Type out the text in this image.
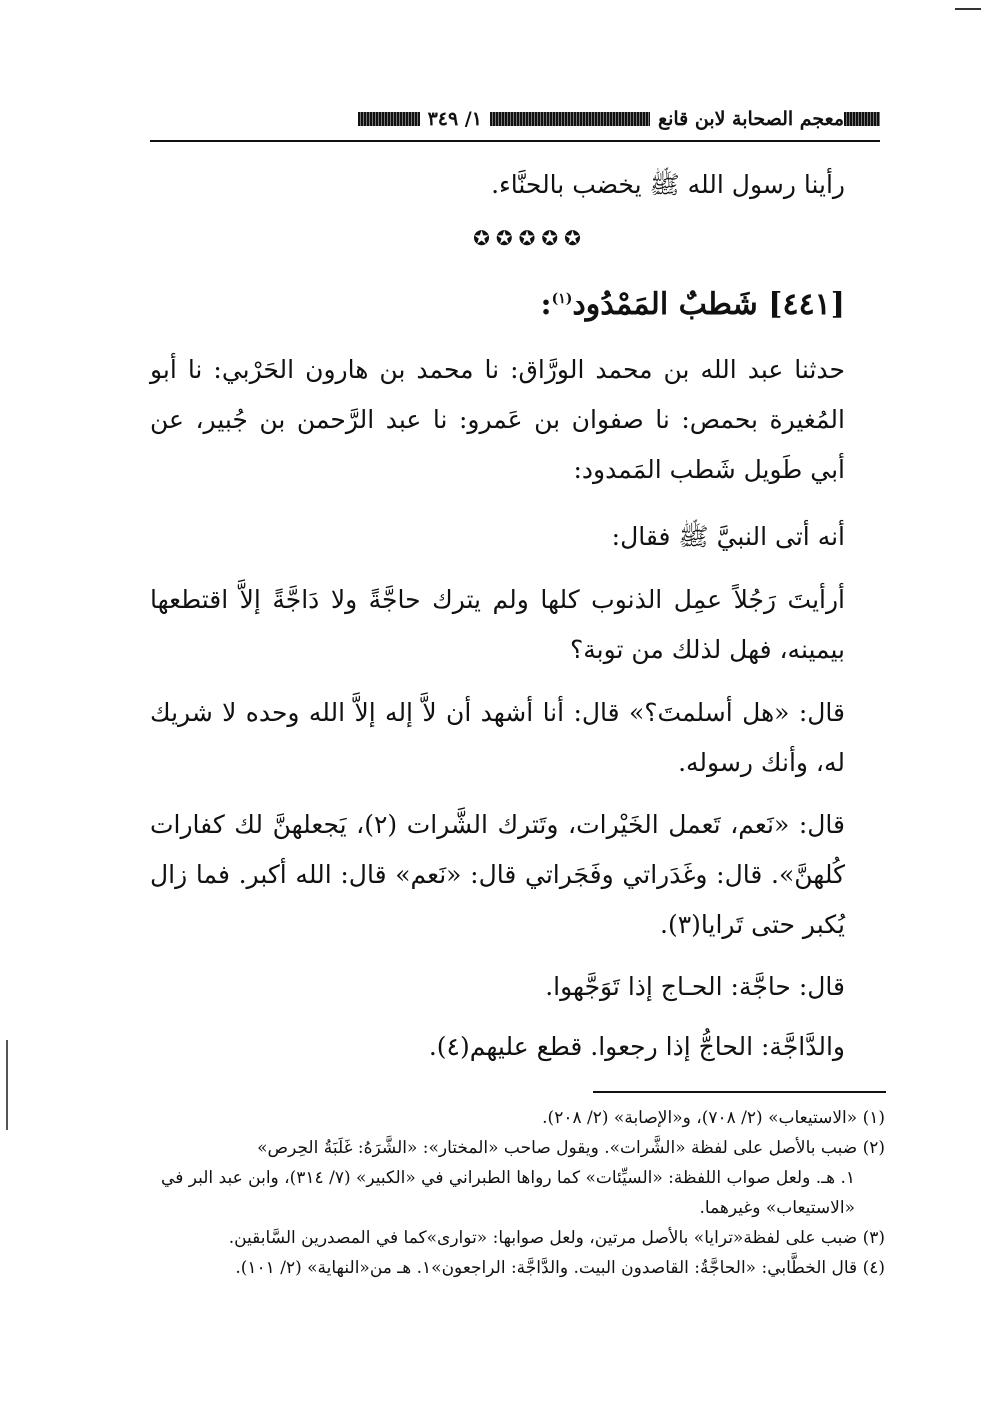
معجم الصحابة لابن قانع
١/ ٣٤٩
رأينا رسول الله ﷺ يخضب بالحنَّاء.
✪✪✪✪✪
[٤٤١] شَطبٌ المَمْدُود$^{(١)}$:
حدثنا عبد الله بن محمد الورَّاق: نا محمد بن هارون الحَرْبي: نا أبو المُغيرة بحمص: نا صفوان بن عَمرو: نا عبد الرَّحمن بن جُبير، عن أبي طَويل شَطب المَمدود:
أنه أتى النبيَّ ﷺ فقال:
أرأيتَ رَجُلاً عمِل الذنوب كلها ولم يترك حاجَّةً ولا دَاجَّةً إلاَّ اقتطعها بيمينه، فهل لذلك من توبة؟
قال: «هل أسلمتَ؟» قال: أنا أشهد أن لاَّ إله إلاَّ الله وحده لا شريك له، وأنك رسوله.
قال: «نَعم، تَعمل الخَيْرات، وتَترك الشَّرات (٢)، يَجعلهنَّ لك كفارات كُلهنَّ». قال: وغَدَراتي وفَجَراتي قال: «نَعم» قال: الله أكبر. فما زال يُكبر حتى تَرايا(٣).
قال: حاجَّة: الحـاج إذا تَوَجَّهوا.
والدَّاجَّة: الحاجُّ إذا رجعوا. قطع عليهم(٤).

(١) «الاستيعاب» (٢/ ٧٠٨)، و«الإصابة» (٢/ ٢٠٨).

(٢) ضبب بالأصل على لفظة «الشَّرات». ويقول صاحب «المختار»: «الشَّرَهُ: غَلَبَةُ الحِرص»

١. هـ. ولعل صواب اللفظة: «السيِّئات» كما رواها الطبراني في «الكبير» (٧/ ٣١٤)، وابن عبد البر في «الاستيعاب» وغيرهما.

(٣) ضبب على لفظة«ترايا» بالأصل مرتين، ولعل صوابها: «توارى»كما في المصدرين السَّابقين.

(٤) قال الخطَّابي: «الحاجَّةُ: القاصدون البيت. والدَّاجَّة: الراجعون»١. هـ من«النهاية» (٢/ ١٠١).
